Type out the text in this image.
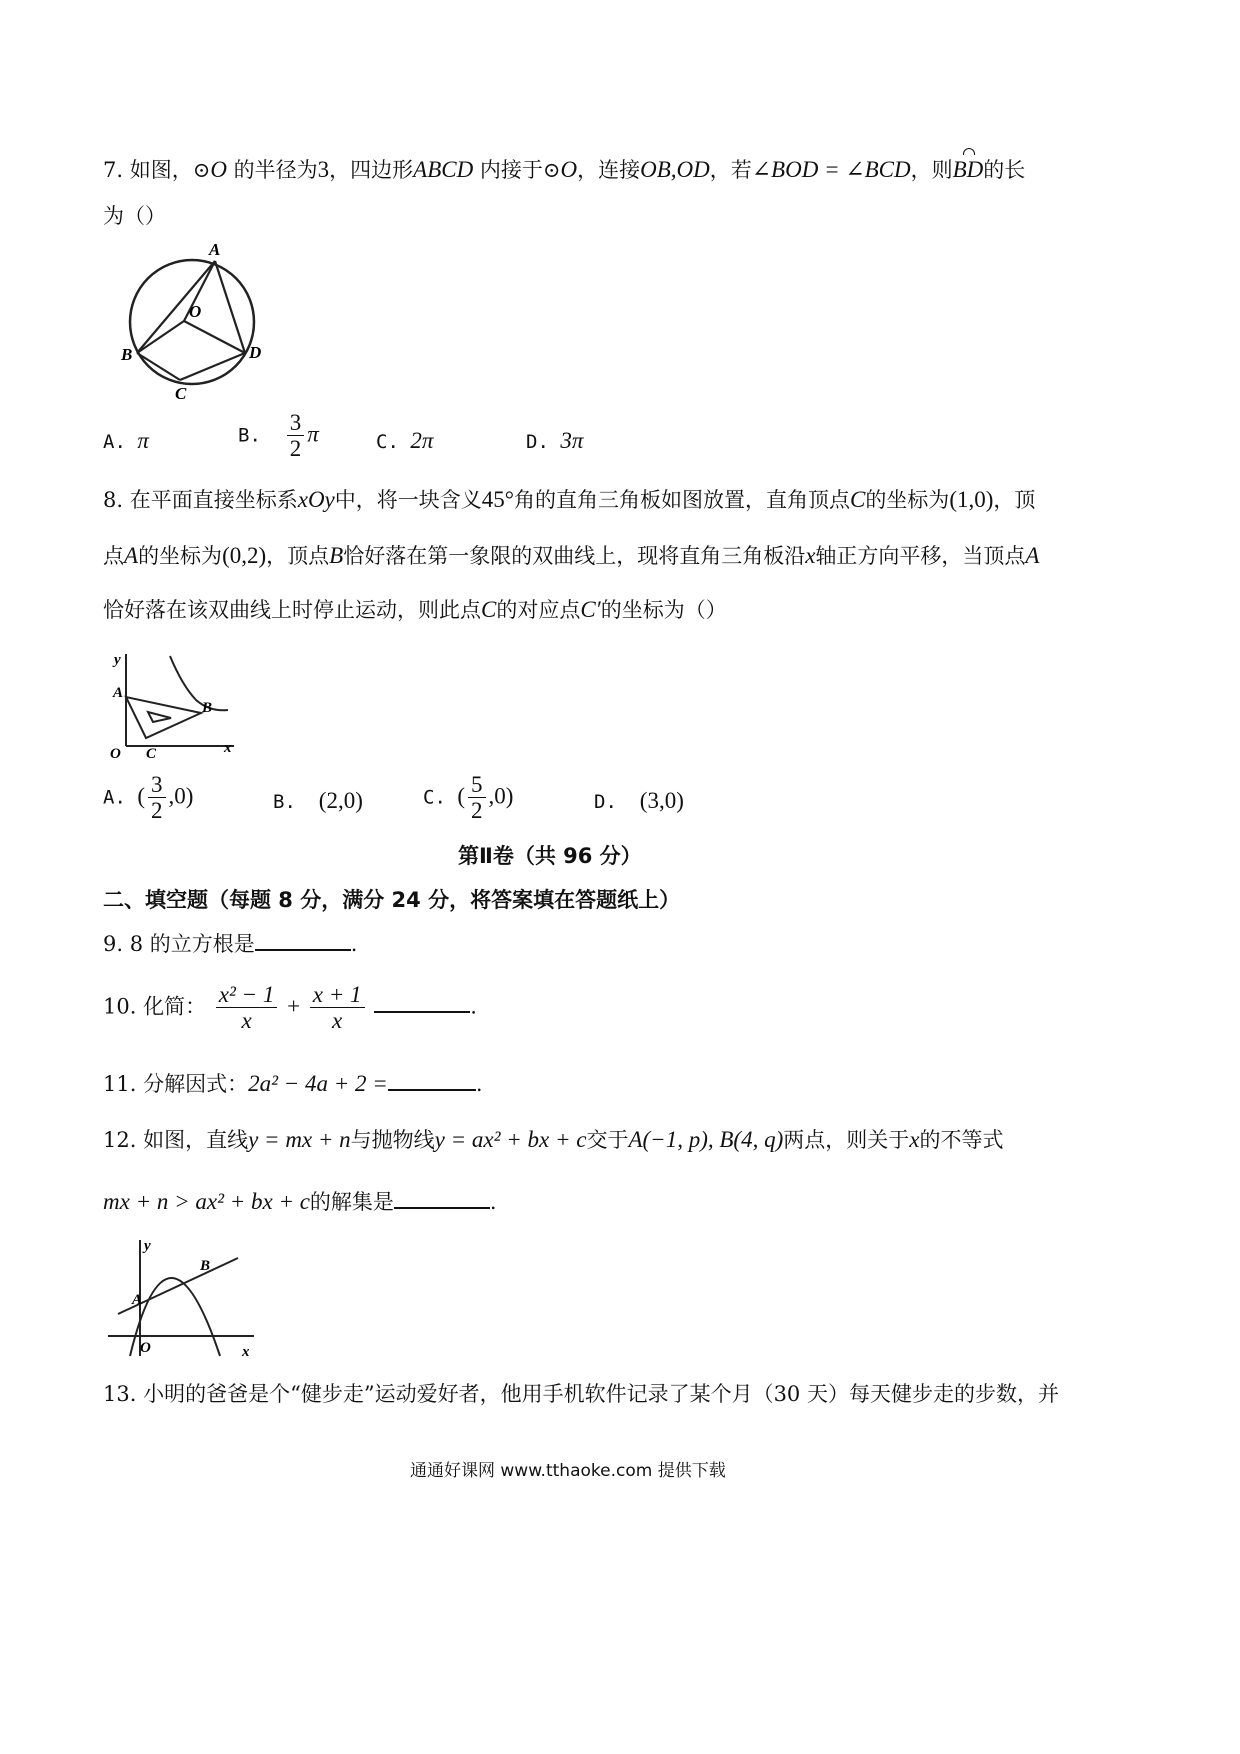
7. 如图，⊙O 的半径为3，四边形ABCD 内接于⊙O，连接OB,OD，若∠BOD = ∠BCD，则BD的长
为（）
A
O
B	D
C
A. π	B. $\frac{3}{2}$ π	C. 2π	D. 3π
8. 在平面直接坐标系xOy中，将一块含义45°角的直角三角板如图放置，直角顶点C的坐标为(1,0)，顶
点A的坐标为(0,2)，顶点B恰好落在第一象限的双曲线上，现将直角三角板沿x轴正方向平移，当顶点A
恰好落在该双曲线上时停止运动，则此点C的对应点C′的坐标为（）
y
A
B
O C	x
A. ( $\frac{3}{2} ,0$)	B. (2,0)	C. ( $\frac{5}{2} ,0$)	D. (3,0)
第Ⅱ卷（共 96 分）
二、填空题（每题 8 分，满分 24 分，将答案填在答题纸上）
9. 8 的立方根是	.
10. 化简： $\frac{\text{x² − 1}}{x} + \frac{x + 1}{x}$	.
11. 分解因式：2a² − 4a + 2 =	.
12. 如图，直线y = mx + n与抛物线y = ax² + bx + c交于A(−1, p), B(4, q)两点，则关于x的不等式
mx + n > ax² + bx + c的解集是	.
y
A
B
O	x
13. 小明的爸爸是个“健步走”运动爱好者，他用手机软件记录了某个月（30 天）每天健步走的步数，并
通通好课网 www.tthaoke.com 提供下载
